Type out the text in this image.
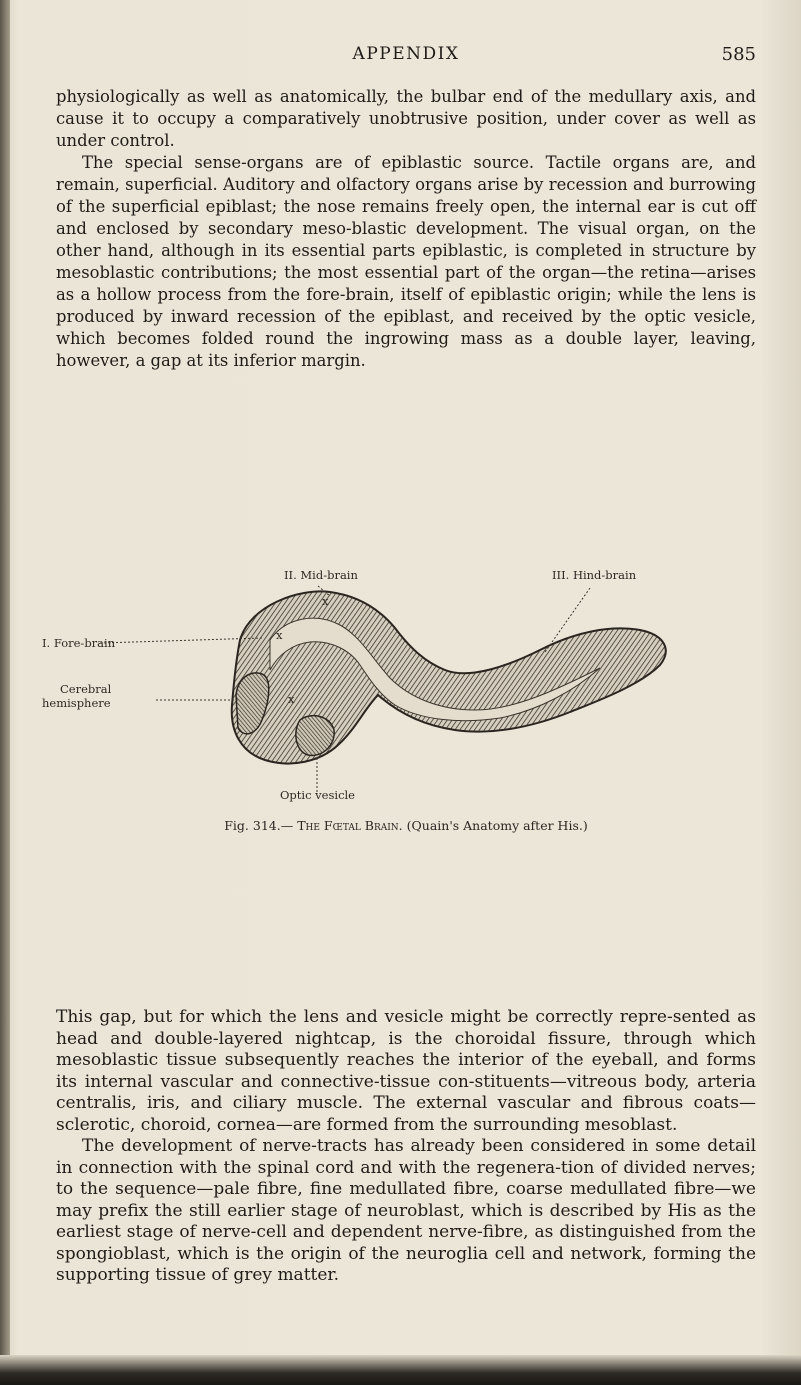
APPENDIX	585

physiologically as well as anatomically, the bulbar end of the medullary axis, and cause it to occupy a comparatively unobtrusive position, under cover as well as under control.

The special sense-organs are of epiblastic source. Tactile organs are, and remain, superficial. Auditory and olfactory organs arise by recession and burrowing of the superficial epiblast; the nose remains freely open, the internal ear is cut off and enclosed by secondary meso-blastic development. The visual organ, on the other hand, although in its essential parts epiblastic, is completed in structure by mesoblastic contributions; the most essential part of the organ—the retina—arises as a hollow process from the fore-brain, itself of epiblastic origin; while the lens is produced by inward recession of the epiblast, and received by the optic vesicle, which becomes folded round the ingrowing mass as a double layer, leaving, however, a gap at its inferior margin.

II. Mid-brain	III. Hind-brain
I. Fore-brain
Cerebral
hemisphere
x
x
x
Optic vesicle
Fig. 314.— The Fœtal Brain. (Quain's Anatomy after His.)

This gap, but for which the lens and vesicle might be correctly repre-sented as head and double-layered nightcap, is the choroidal fissure, through which mesoblastic tissue subsequently reaches the interior of the eyeball, and forms its internal vascular and connective-tissue con-stituents—vitreous body, arteria centralis, iris, and ciliary muscle. The external vascular and fibrous coats—sclerotic, choroid, cornea—are formed from the surrounding mesoblast.

The development of nerve-tracts has already been considered in some detail in connection with the spinal cord and with the regenera-tion of divided nerves; to the sequence—pale fibre, fine medullated fibre, coarse medullated fibre—we may prefix the still earlier stage of neuroblast, which is described by His as the earliest stage of nerve-cell and dependent nerve-fibre, as distinguished from the spongioblast, which is the origin of the neuroglia cell and network, forming the supporting tissue of grey matter.
